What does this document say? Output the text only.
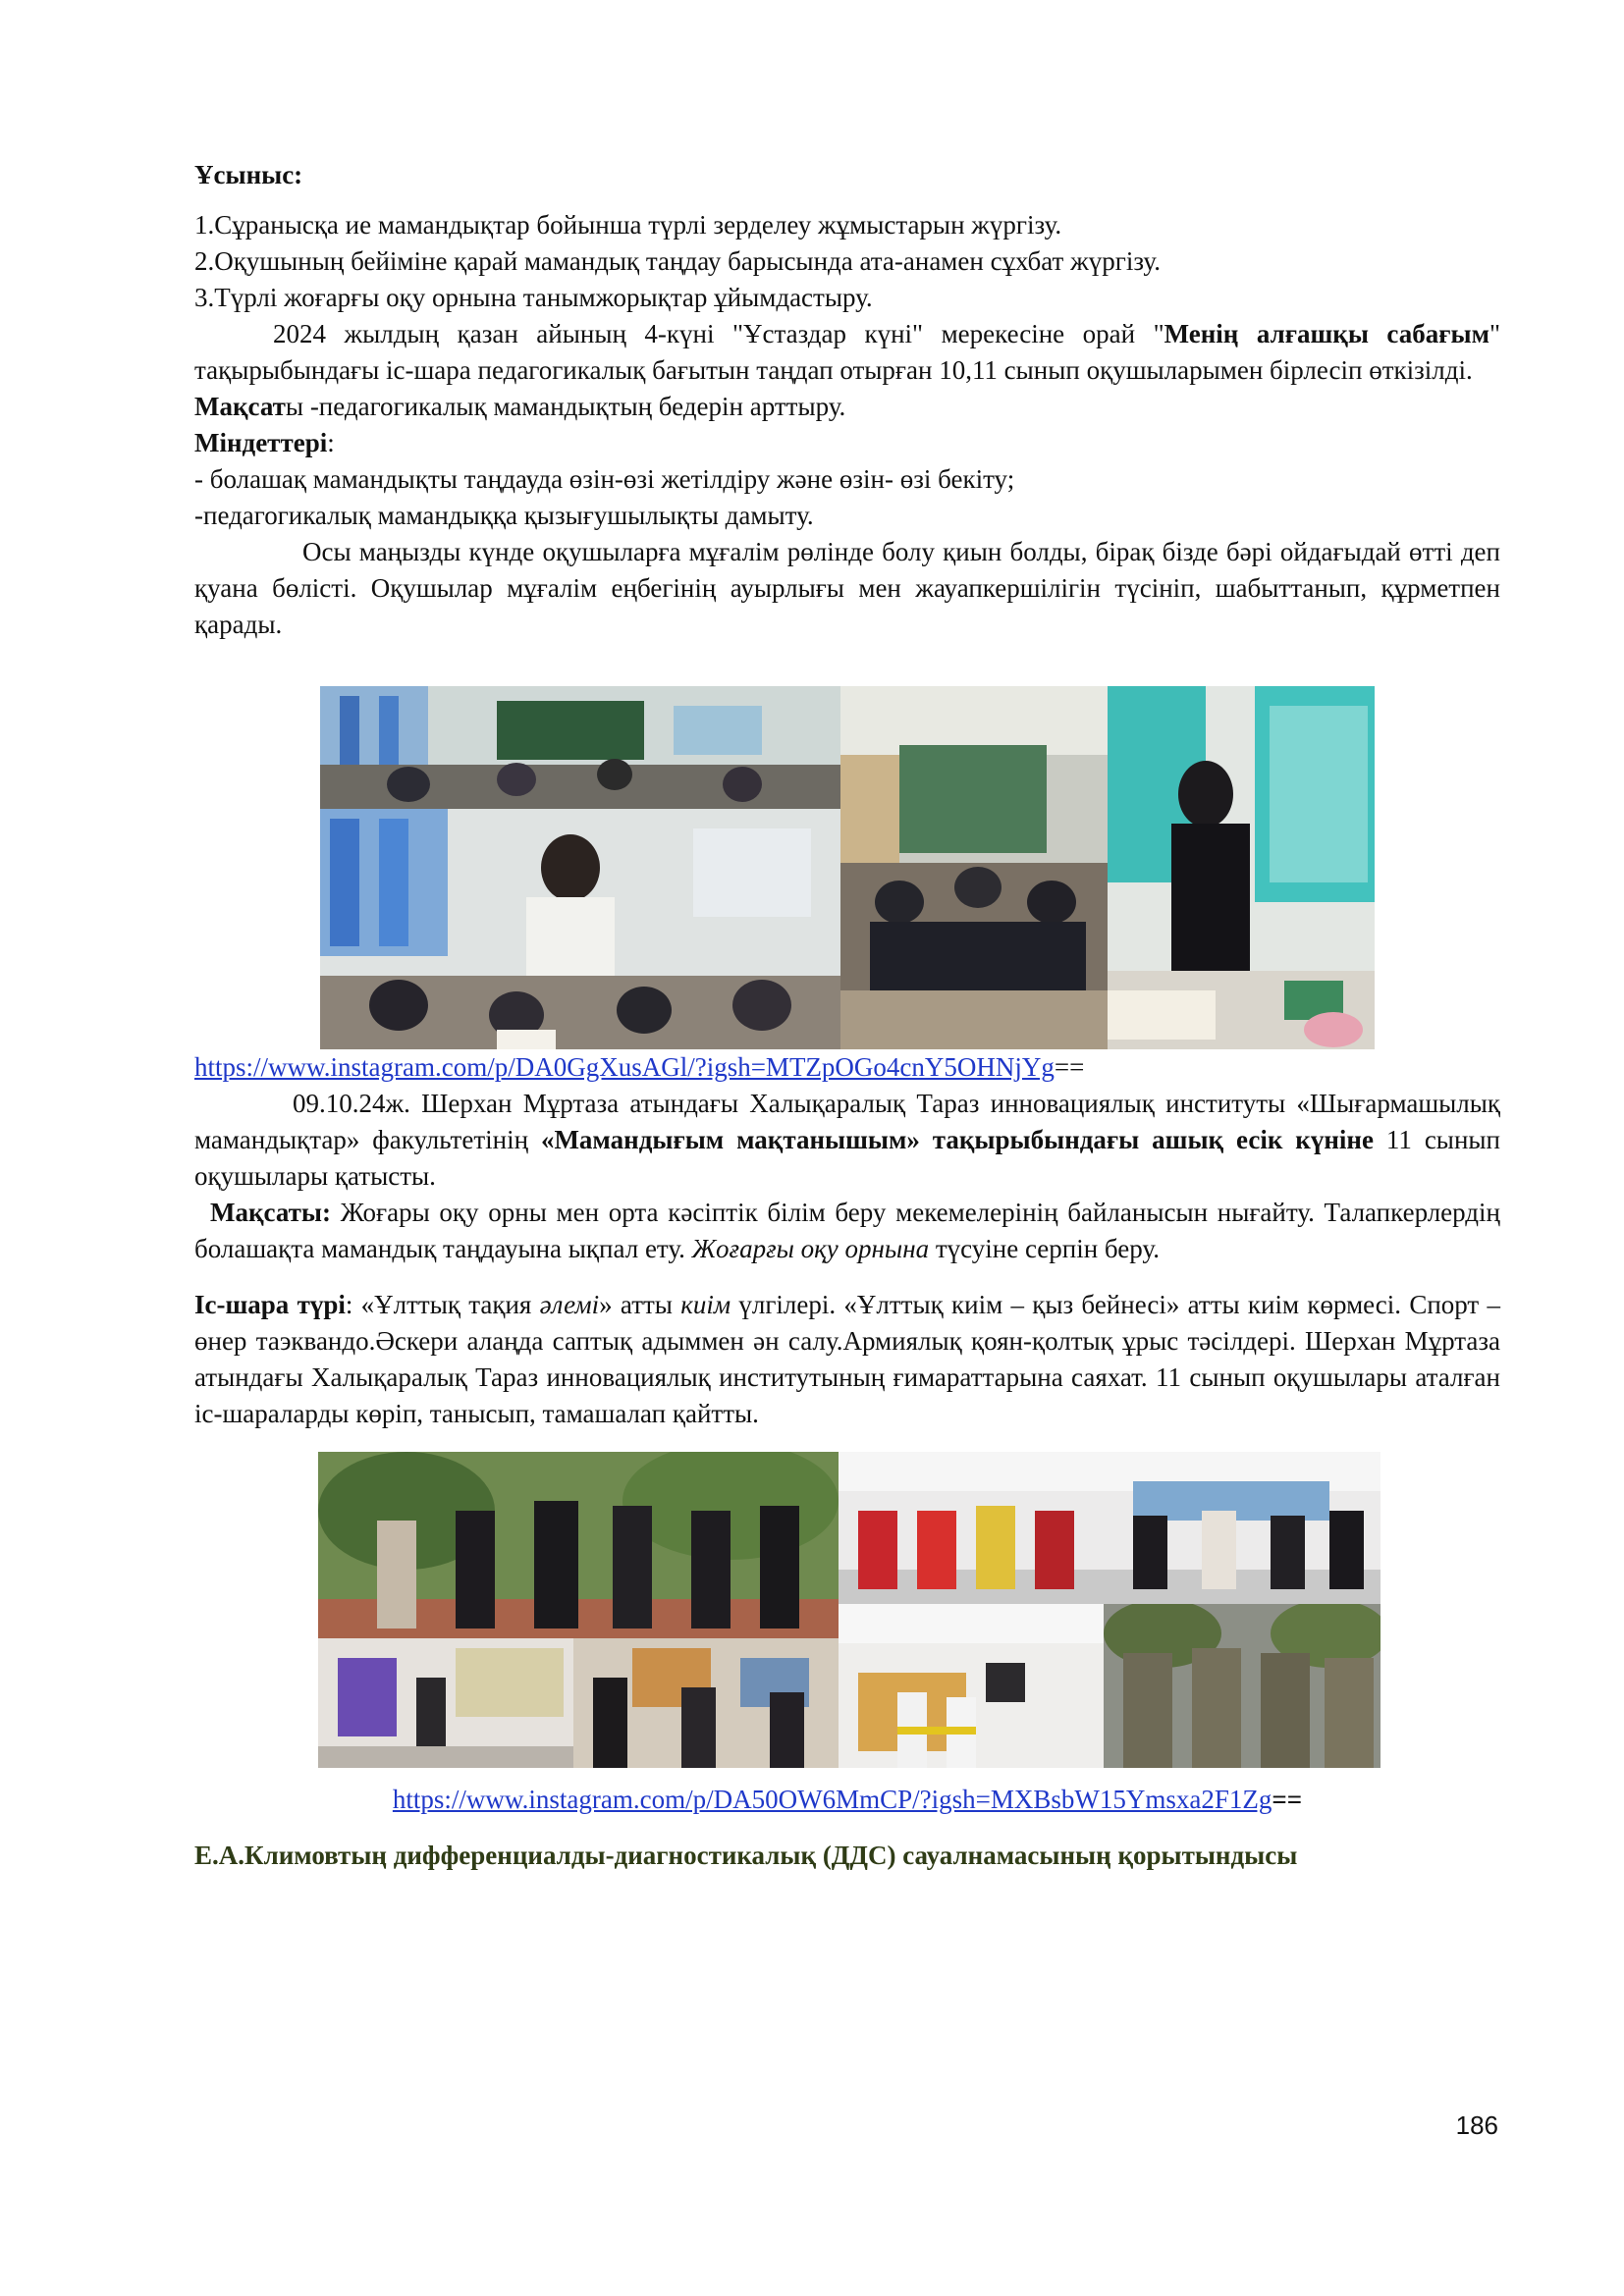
Ұсыныс:

1.Сұранысқа ие мамандықтар бойынша түрлі зерделеу жұмыстарын жүргізу.

2.Оқушының бейіміне қарай мамандық таңдау барысында ата-анамен сұхбат жүргізу.

3.Түрлі жоғарғы оқу орнына танымжорықтар ұйымдастыру.

2024 жылдың қазан айының 4-күні "Ұстаздар күні" мерекесіне орай "Менің алғашқы сабағым" тақырыбындағы іс-шара педагогикалық бағытын таңдап отырған 10,11 сынып оқушыларымен бірлесіп өткізілді.

Мақсаты -педагогикалық мамандықтың бедерін арттыру.

Міндеттері:

- болашақ мамандықты таңдауда өзін-өзі жетілдіру және өзін- өзі бекіту;

-педагогикалық мамандыққа қызығушылықты дамыту.

Осы маңызды күнде оқушыларға мұғалім рөлінде болу қиын болды, бірақ бізде бәрі ойдағыдай өтті деп қуана бөлісті. Оқушылар мұғалім еңбегінің ауырлығы мен жауапкершілігін түсініп, шабыттанып, құрметпен қарады.

https://www.instagram.com/p/DA0GgXusAGl/?igsh=MTZpOGo4cnY5OHNjYg==

09.10.24ж. Шерхан Мұртаза атындағы Халықаралық Тараз инновациялық институты «Шығармашылық мамандықтар» факультетінің «Мамандығым мақтанышым» тақырыбындағы ашық есік күніне 11 сынып оқушылары қатысты.

Мақсаты: Жоғары оқу орны мен орта кәсіптік білім беру мекемелерінің байланысын нығайту. Талапкерлердің болашақта мамандық таңдауына ықпал ету. Жоғарғы оқу орнына түсуіне серпін беру.

Іс-шара түрі: «Ұлттық тақия әлемі» атты киім үлгілері. «Ұлттық киім – қыз бейнесі» атты киім көрмесі. Спорт –өнер таэквандо.Әскери алаңда саптық адыммен ән салу.Армиялық қоян-қолтық ұрыс тәсілдері. Шерхан Мұртаза атындағы Халықаралық Тараз инновациялық институтының ғимараттарына саяхат. 11 сынып оқушылары аталған іс-шараларды көріп, танысып, тамашалап қайтты.

https://www.instagram.com/p/DA50OW6MmCP/?igsh=MXBsbW15Ymsxa2F1Zg==

Е.А.Климовтың дифференциалды-диагностикалық (ДДС) сауалнамасының қорытындысы

186
